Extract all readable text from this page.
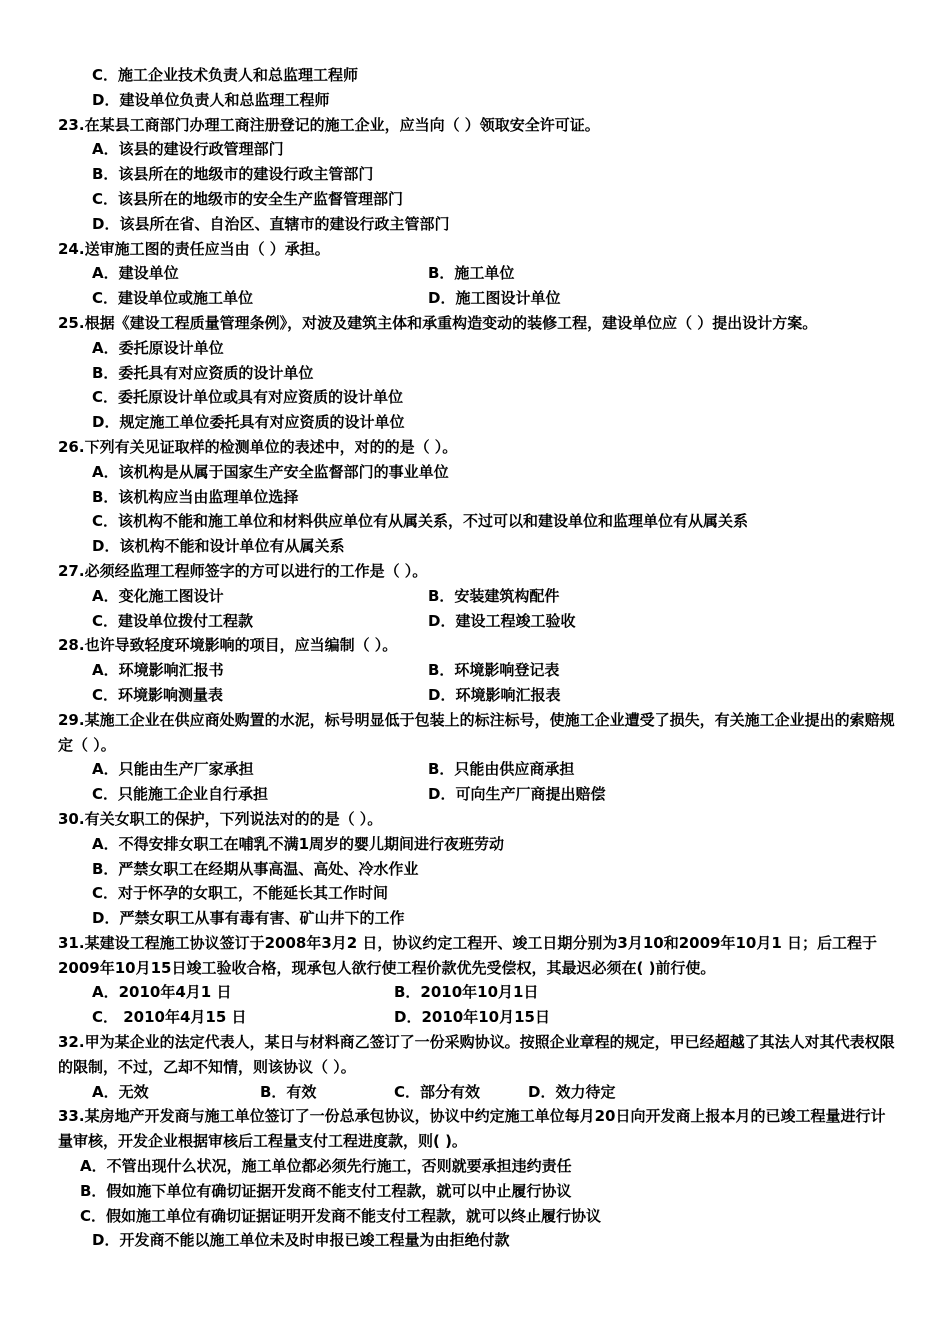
C．施工企业技术负责人和总监理工程师
D．建设单位负责人和总监理工程师
23.在某县工商部门办理工商注册登记的施工企业，应当向（ ）领取安全许可证。
A．该县的建设行政管理部门
B．该县所在的地级市的建设行政主管部门
C．该县所在的地级市的安全生产监督管理部门
D．该县所在省、自治区、直辖市的建设行政主管部门
24.送审施工图的责任应当由（ ）承担。
A．建设单位	B．施工单位
C．建设单位或施工单位	D．施工图设计单位
25.根据《建设工程质量管理条例》，对波及建筑主体和承重构造变动的装修工程，建设单位应（ ）提出设计方案。
A．委托原设计单位
B．委托具有对应资质的设计单位
C．委托原设计单位或具有对应资质的设计单位
D．规定施工单位委托具有对应资质的设计单位
26.下列有关见证取样的检测单位的表述中，对的的是（ ）。
A．该机构是从属于国家生产安全监督部门的事业单位
B．该机构应当由监理单位选择
C．该机构不能和施工单位和材料供应单位有从属关系，不过可以和建设单位和监理单位有从属关系
D．该机构不能和设计单位有从属关系
27.必须经监理工程师签字的方可以进行的工作是（ ）。
A．变化施工图设计	B．安装建筑构配件
C．建设单位拨付工程款	D．建设工程竣工验收
28.也许导致轻度环境影响的项目，应当编制（ ）。
A．环境影响汇报书	B．环境影响登记表
C．环境影响测量表	D．环境影响汇报表
29.某施工企业在供应商处购置的水泥，标号明显低于包装上的标注标号，使施工企业遭受了损失，有关施工企业提出的索赔规定（ ）。
A．只能由生产厂家承担	B．只能由供应商承担
C．只能施工企业自行承担	D．可向生产厂商提出赔偿
30.有关女职工的保护，下列说法对的的是（ ）。
A．不得安排女职工在哺乳不满1周岁的婴儿期间进行夜班劳动
B．严禁女职工在经期从事高温、高处、冷水作业
C．对于怀孕的女职工，不能延长其工作时间
D．严禁女职工从事有毒有害、矿山井下的工作
31.某建设工程施工协议签订于2008年3月2 日，协议约定工程开、竣工日期分别为3月10和2009年10月1 日；后工程于2009年10月15日竣工验收合格，现承包人欲行使工程价款优先受偿权，其最迟必须在( )前行使。
A．2010年4月1 日	B．2010年10月1日
C． 2010年4月15 日	D．2010年10月15日
32.甲为某企业的法定代表人，某日与材料商乙签订了一份采购协议。按照企业章程的规定，甲已经超越了其法人对其代表权限的限制，不过，乙却不知情，则该协议（ ）。
A．无效	B．有效	C．部分有效	D．效力待定
33.某房地产开发商与施工单位签订了一份总承包协议，协议中约定施工单位每月20日向开发商上报本月的已竣工程量进行计量审核，开发企业根据审核后工程量支付工程进度款，则( )。
A．不管出现什么状况，施工单位都必须先行施工，否则就要承担违约责任
B．假如施下单位有确切证据开发商不能支付工程款，就可以中止履行协议
C．假如施工单位有确切证据证明开发商不能支付工程款，就可以终止履行协议
D．开发商不能以施工单位未及时申报已竣工程量为由拒绝付款
